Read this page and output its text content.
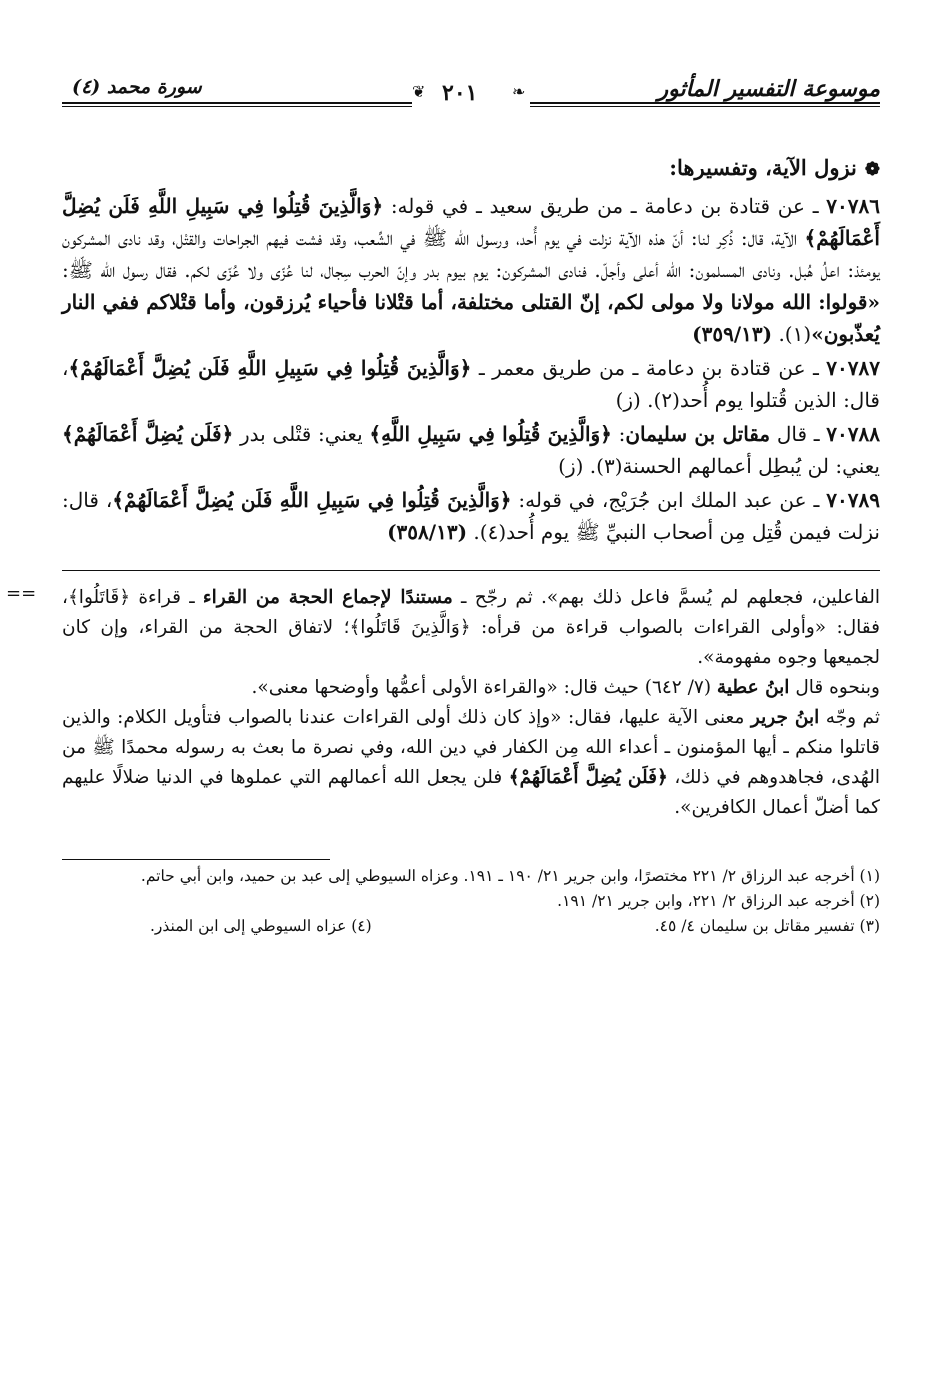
موسوعة التفسير المأثور
سورة محمد (٤)	❦ ٢٠١ ❧
❁نزول الآية، وتفسيرها:

٧٠٧٨٦ ـ عن قتادة بن دعامة ـ من طريق سعيد ـ في قوله: ﴿وَالَّذِينَ قُتِلُوا فِي سَبِيلِ اللَّهِ فَلَن يُضِلَّ أَعْمَالَهُمْ﴾ الآية، قال: ذُكِر لنا: أنّ هذه الآية نزلت في يوم أُحد، ورسول الله ﷺ في الشِّعب، وقد فشت فيهم الجراحات والقتْل، وقد نادى المشركون يومئذ: اعلُ هُبل. ونادى المسلمون: الله أعلى وأجلّ. فنادى المشركون: يوم بيوم بدر وإنّ الحرب سِجال، لنا عُزّى ولا عُزّى لكم. فقال رسول الله ﷺ: «قولوا: الله مولانا ولا مولى لكم، إنّ القتلى مختلفة، أما قتْلانا فأحياء يُرزقون، وأما قتْلاكم ففي النار يُعذّبون»(١). (٣٥٩/١٣)

٧٠٧٨٧ ـ عن قتادة بن دعامة ـ من طريق معمر ـ ﴿وَالَّذِينَ قُتِلُوا فِي سَبِيلِ اللَّهِ فَلَن يُضِلَّ أَعْمَالَهُمْ﴾، قال: الذين قُتلوا يوم أُحد(٢). (ز)

٧٠٧٨٨ ـ قال مقاتل بن سليمان: ﴿وَالَّذِينَ قُتِلُوا فِي سَبِيلِ اللَّهِ﴾ يعني: قتْلى بدر ﴿فَلَن يُضِلَّ أَعْمَالَهُمْ﴾ يعني: لن يُبطِل أعمالهم الحسنة(٣). (ز)

٧٠٧٨٩ ـ عن عبد الملك ابن جُرَيْج، في قوله: ﴿وَالَّذِينَ قُتِلُوا فِي سَبِيلِ اللَّهِ فَلَن يُضِلَّ أَعْمَالَهُمْ﴾، قال: نزلت فيمن قُتِل مِن أصحاب النبيِّ ﷺ يوم أُحد(٤). (٣٥٨/١٣)

==	الفاعلين، فجعلهم لم يُسمَّ فاعل ذلك بهم». ثم رجّح ـ مستندًا لإجماع الحجة من القراء ـ قراءة ﴿قَاتَلُوا﴾، فقال: «وأولى القراءات بالصواب قراءة من قرأه: ﴿وَالَّذِينَ قَاتَلُوا﴾؛ لاتفاق الحجة من القراء، وإن كان لجميعها وجوه مفهومة».

وبنحوه قال ابنُ عطية (٧/ ٦٤٢) حيث قال: «والقراءة الأولى أعمُّها وأوضحها معنى».

ثم وجّه ابنُ جرير معنى الآية عليها، فقال: «وإذ كان ذلك أولى القراءات عندنا بالصواب فتأويل الكلام: والذين قاتلوا منكم ـ أيها المؤمنون ـ أعداء الله مِن الكفار في دين الله، وفي نصرة ما بعث به رسوله محمدًا ﷺ من الهُدى، فجاهدوهم في ذلك، ﴿فَلَن يُضِلَّ أَعْمَالَهُمْ﴾ فلن يجعل الله أعمالهم التي عملوها في الدنيا ضلالًا عليهم كما أضلّ أعمال الكافرين».

(١) أخرجه عبد الرزاق ٢/ ٢٢١ مختصرًا، وابن جرير ٢١/ ١٩٠ ـ ١٩١. وعزاه السيوطي إلى عبد بن حميد، وابن أبي حاتم.

(٢) أخرجه عبد الرزاق ٢/ ٢٢١، وابن جرير ٢١/ ١٩١.

(٣) تفسير مقاتل بن سليمان ٤/ ٤٥.
(٤) عزاه السيوطي إلى ابن المنذر.
